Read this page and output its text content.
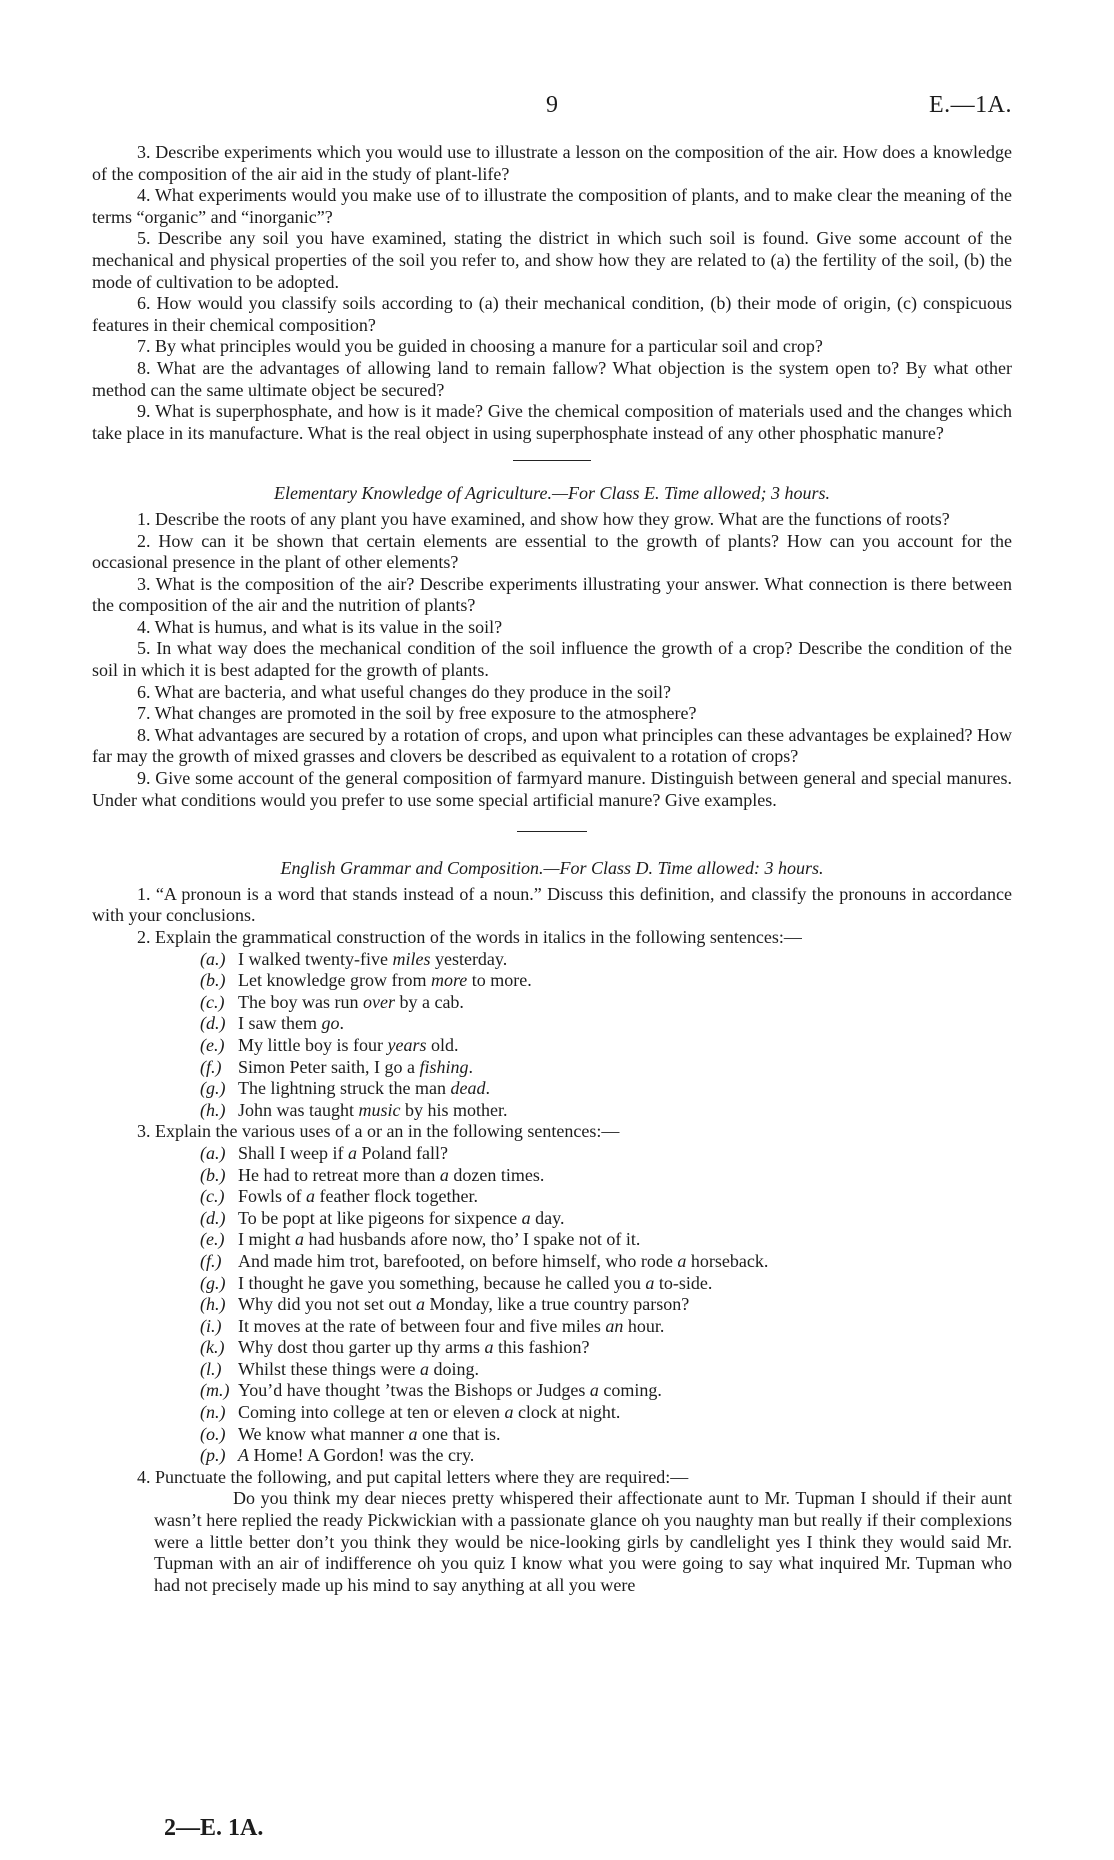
9	E.—1A.

3. Describe experiments which you would use to illustrate a lesson on the composition of the air. How does a knowledge of the composition of the air aid in the study of plant-life?

4. What experiments would you make use of to illustrate the composition of plants, and to make clear the meaning of the terms “organic” and “inorganic”?

5. Describe any soil you have examined, stating the district in which such soil is found. Give some account of the mechanical and physical properties of the soil you refer to, and show how they are related to (a) the fertility of the soil, (b) the mode of cultivation to be adopted.

6. How would you classify soils according to (a) their mechanical condition, (b) their mode of origin, (c) conspicuous features in their chemical composition?

7. By what principles would you be guided in choosing a manure for a particular soil and crop?

8. What are the advantages of allowing land to remain fallow? What objection is the system open to? By what other method can the same ultimate object be secured?

9. What is superphosphate, and how is it made? Give the chemical composition of materials used and the changes which take place in its manufacture. What is the real object in using superphosphate instead of any other phosphatic manure?

Elementary Knowledge of Agriculture.—For Class E. Time allowed; 3 hours.

1. Describe the roots of any plant you have examined, and show how they grow. What are the functions of roots?

2. How can it be shown that certain elements are essential to the growth of plants? How can you account for the occasional presence in the plant of other elements?

3. What is the composition of the air? Describe experiments illustrating your answer. What connection is there between the composition of the air and the nutrition of plants?

4. What is humus, and what is its value in the soil?

5. In what way does the mechanical condition of the soil influence the growth of a crop? Describe the condition of the soil in which it is best adapted for the growth of plants.

6. What are bacteria, and what useful changes do they produce in the soil?

7. What changes are promoted in the soil by free exposure to the atmosphere?

8. What advantages are secured by a rotation of crops, and upon what principles can these advantages be explained? How far may the growth of mixed grasses and clovers be described as equivalent to a rotation of crops?

9. Give some account of the general composition of farmyard manure. Distinguish between general and special manures. Under what conditions would you prefer to use some special artificial manure? Give examples.

English Grammar and Composition.—For Class D. Time allowed: 3 hours.

1. “A pronoun is a word that stands instead of a noun.” Discuss this definition, and classify the pronouns in accordance with your conclusions.

2. Explain the grammatical construction of the words in italics in the following sentences:—

(a.) I walked twenty-five miles yesterday.
(b.) Let knowledge grow from more to more.
(c.) The boy was run over by a cab.
(d.) I saw them go.
(e.) My little boy is four years old.
(f.) Simon Peter saith, I go a fishing.
(g.) The lightning struck the man dead.
(h.) John was taught music by his mother.

3. Explain the various uses of a or an in the following sentences:—

(a.) Shall I weep if a Poland fall?
(b.) He had to retreat more than a dozen times.
(c.) Fowls of a feather flock together.
(d.) To be popt at like pigeons for sixpence a day.
(e.) I might a had husbands afore now, tho’ I spake not of it.
(f.) And made him trot, barefooted, on before himself, who rode a horseback.
(g.) I thought he gave you something, because he called you a to-side.
(h.) Why did you not set out a Monday, like a true country parson?
(i.) It moves at the rate of between four and five miles an hour.
(k.) Why dost thou garter up thy arms a this fashion?
(l.) Whilst these things were a doing.
(m.) You’d have thought ’twas the Bishops or Judges a coming.
(n.) Coming into college at ten or eleven a clock at night.
(o.) We know what manner a one that is.
(p.) A Home! A Gordon! was the cry.

4. Punctuate the following, and put capital letters where they are required:—

Do you think my dear nieces pretty whispered their affectionate aunt to Mr. Tupman I should if their aunt wasn’t here replied the ready Pickwickian with a passionate glance oh you naughty man but really if their complexions were a little better don’t you think they would be nice-looking girls by candlelight yes I think they would said Mr. Tupman with an air of indifference oh you quiz I know what you were going to say what inquired Mr. Tupman who had not precisely made up his mind to say anything at all you were

2—E. 1A.
